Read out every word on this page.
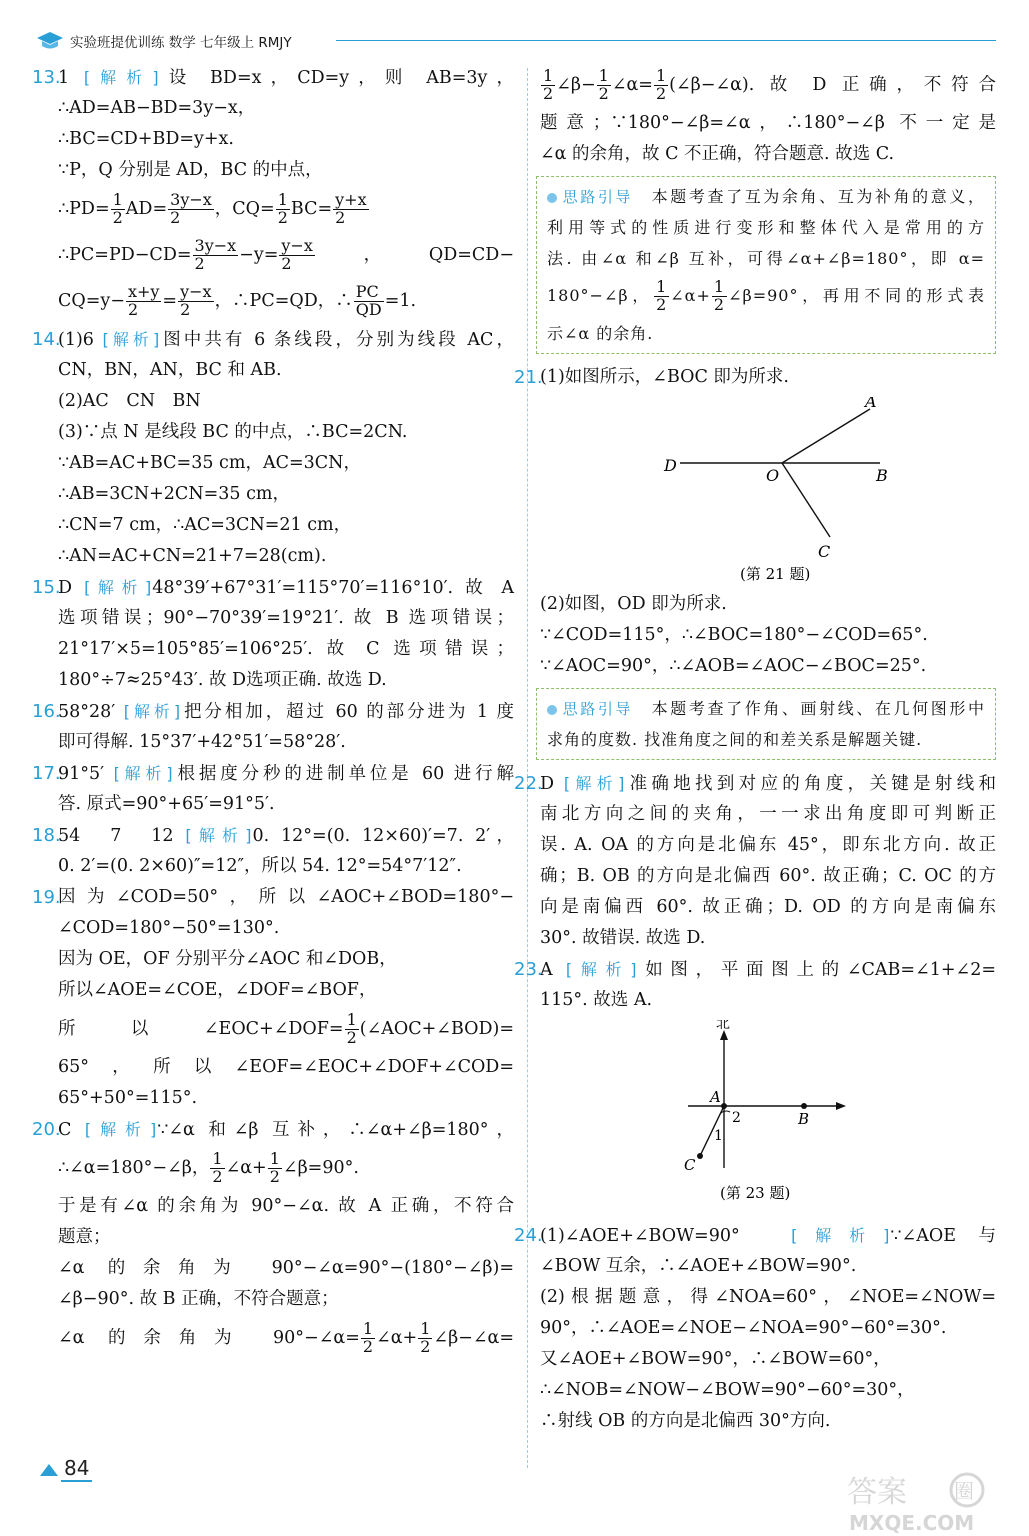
实验班提优训练 数学 七年级上 RMJY
13.
1 [ 解析 ] 设 BD=x，CD=y，则 AB=3y，
∴AD=AB−BD=3y−x，
∴BC=CD+BD=y+x.
∵P，Q 分别是 AD，BC 的中点，
∴PD= $\frac{1}{2} AD= \frac{3y-x}{2}$ ，$CQ= \frac{1}{2} BC= \frac{y+x}{2}$
∴PC=PD−CD= $\frac{3y-x}{2} -y= \frac{y-x}{2}$ ，QD=CD−
$CQ=y- \frac{x+y}{2} = \frac{y-x}{2}$ ，∴PC=QD，∴ $\frac{PC}{QD} =1$.
14.
(1)6 [ 解析 ] 图中共有 6 条线段，分别为线段 AC，
CN，BN，AN，BC 和 AB.
(2)AC　CN　BN
(3)∵点 N 是线段 BC 的中点，∴BC=2CN.
∵AB=AC+BC=35 cm，AC=3CN，
∴AB=3CN+2CN=35 cm，
∴CN=7 cm，∴AC=3CN=21 cm，
∴AN=AC+CN=21+7=28(cm).
15.
D [ 解析 ] 48°39′+67°31′=115°70′=116°10′. 故 A
选项错误；90°−70°39′=19°21′. 故 B 选项错误；
21°17′×5=105°85′=106°25′. 故 C 选项错误；
180°÷7≈25°43′. 故 D选项正确. 故选 D.
16.
58°28′ [ 解析 ] 把分相加，超过 60 的部分进为 1 度
即可得解. 15°37′+42°51′=58°28′.
17.
91°5′ [ 解析 ] 根据度分秒的进制单位是 60 进行解
答. 原式=90°+65′=91°5′.
18.
54　7　12 [ 解析 ] 0. 12°=(0. 12×60)′=7. 2′，
0. 2′=(0. 2×60)″=12″，所以 54. 12°=54°7′12″.
19.
因为∠COD=50°，所以∠AOC+∠BOD=180°−
∠COD=180°−50°=130°.
因为 OE，OF 分别平分∠AOC 和∠DOB，
所以∠AOE=∠COE，∠DOF=∠BOF，
所以∠EOC+∠DOF= $\frac{1}{2}$ (∠AOC+∠BOD)=
65°，所以∠EOF=∠EOC+∠DOF+∠COD=
65°+50°=115°.
20.
C [ 解析 ] ∵∠α 和∠β 互补，∴∠α+∠β=180°，
∴∠α=180°−∠β， $\frac{1}{2}$ ∠α+ $\frac{1}{2}$ ∠β=90°.
于是有∠α 的余角为 90°−∠α. 故 A 正确，不符合
题意；
∠α 的余角为 90°−∠α=90°−(180°−∠β)=
∠β−90°. 故 B 正确，不符合题意；
∠α 的余角为 90°−∠α= $\frac{1}{2}$ ∠α+ $\frac{1}{2}$ ∠β−∠α=
$\frac{1}{2}$ ∠β− $\frac{1}{2}$ ∠α= $\frac{1}{2}$ (∠β−∠α). 故 D 正确，不符合
题意；∵180°−∠β=∠α，∴180°−∠β 不一定是
∠α 的余角，故 C 不正确，符合题意. 故选 C.
思路引导　 本题考查了互为余角、互为补角的意义，
利用等式的性质进行变形和整体代入是常用的方
法. 由∠α 和∠β 互补，可得∠α+∠β=180°，即 α=
180°−∠β， $\frac{1}{2}$ ∠α+ $\frac{1}{2}$ ∠β=90°，再用不同的形式表
示∠α 的余角.
21.
(1)如图所示，∠BOC 即为所求.
A
B
C
D
O
(第 21 题)
(2)如图，OD 即为所求.
∵∠COD=115°，∴∠BOC=180°−∠COD=65°.
∵∠AOC=90°，∴∠AOB=∠AOC−∠BOC=25°.
思路引导　 本题考查了作角、画射线、在几何图形中
求角的度数. 找准角度之间的和差关系是解题关键.
22.
D [ 解析 ] 准确地找到对应的角度，关键是射线和
南北方向之间的夹角，一一求出角度即可判断正
误. A. OA 的方向是北偏东 45°，即东北方向. 故正
确；B. OB 的方向是北偏西 60°. 故正确；C. OC 的方
向是南偏西 60°. 故正确；D. OD 的方向是南偏东
30°. 故错误. 故选 D.
23.
A [ 解析 ] 如图，平面图上的∠CAB=∠1+∠2=
115°. 故选 A.
北
A
B
C
2
1
(第 23 题)
24.
(1)∠AOE+∠BOW=90°　[ 解析 ] ∵∠AOE 与
∠BOW 互余，∴∠AOE+∠BOW=90°.
(2)根据题意，得∠NOA=60°，∠NOE=∠NOW=
90°，∴∠AOE=∠NOE−∠NOA=90°−60°=30°.
又∠AOE+∠BOW=90°，∴∠BOW=60°，
∴∠NOB=∠NOW−∠BOW=90°−60°=30°，
∴射线 OB 的方向是北偏西 30°方向.
84
答案 圈
MXQE.COM
